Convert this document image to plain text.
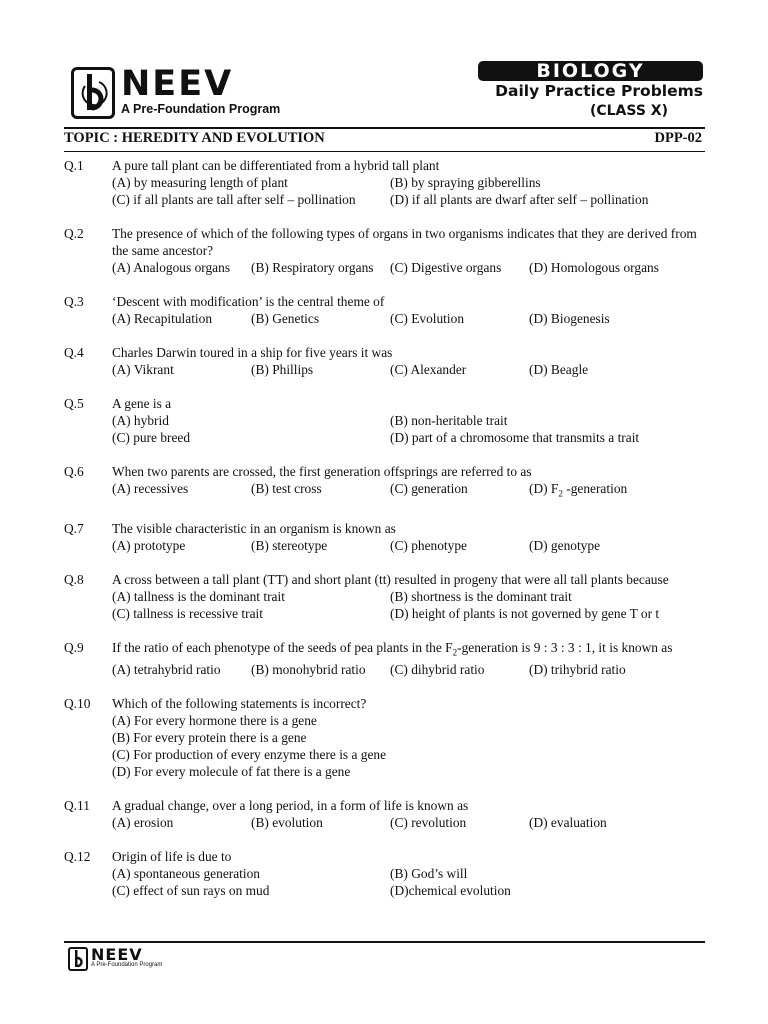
NEEV
A Pre-Foundation Program
BIOLOGY
Daily Practice Problems
(CLASS X)
TOPIC : HEREDITY AND EVOLUTION	DPP-02
Q.1	A pure tall plant can be differentiated from a hybrid tall plant
(A) by measuring length of plant	(B) by spraying gibberellins
(C) if all plants are tall after self – pollination	(D) if all plants are dwarf after self – pollination
Q.2	The presence of which of the following types of organs in two organisms indicates that they are derived from the same ancestor?
(A) Analogous organs	(B) Respiratory organs	(C) Digestive organs	(D) Homologous organs
Q.3	‘Descent with modification’ is the central theme of
(A) Recapitulation	(B) Genetics	(C) Evolution	(D) Biogenesis
Q.4	Charles Darwin toured in a ship for five years it was
(A) Vikrant	(B) Phillips	(C) Alexander	(D) Beagle
Q.5	A gene is a
(A) hybrid	(B) non-heritable trait
(C) pure breed	(D) part of a chromosome that transmits a trait
Q.6	When two parents are crossed, the first generation offsprings are referred to as
(A) recessives	(B) test cross	(C) generation	(D) $F_2$ -generation
Q.7	The visible characteristic in an organism is known as
(A) prototype	(B) stereotype	(C) phenotype	(D) genotype
Q.8	A cross between a tall plant (TT) and short plant (tt) resulted in progeny that were all tall plants because
(A) tallness is the dominant trait	(B) shortness is the dominant trait
(C) tallness is recessive trait	(D) height of plants is not governed by gene T or t
Q.9	If the ratio of each phenotype of the seeds of pea plants in the $F_2$-generation is 9 : 3 : 3 : 1, it is known as
(A) tetrahybrid ratio	(B) monohybrid ratio	(C) dihybrid ratio	(D) trihybrid ratio
Q.10	Which of the following statements is incorrect?
(A) For every hormone there is a gene
(B) For every protein there is a gene
(C) For production of every enzyme there is a gene
(D) For every molecule of fat there is a gene
Q.11	A gradual change, over a long period, in a form of life is known as
(A) erosion	(B) evolution	(C) revolution	(D) evaluation
Q.12	Origin of life is due to
(A) spontaneous generation	(B) God’s will
(C) effect of sun rays on mud	(D)chemical evolution
NEEV
A Pre-Foundation Program
